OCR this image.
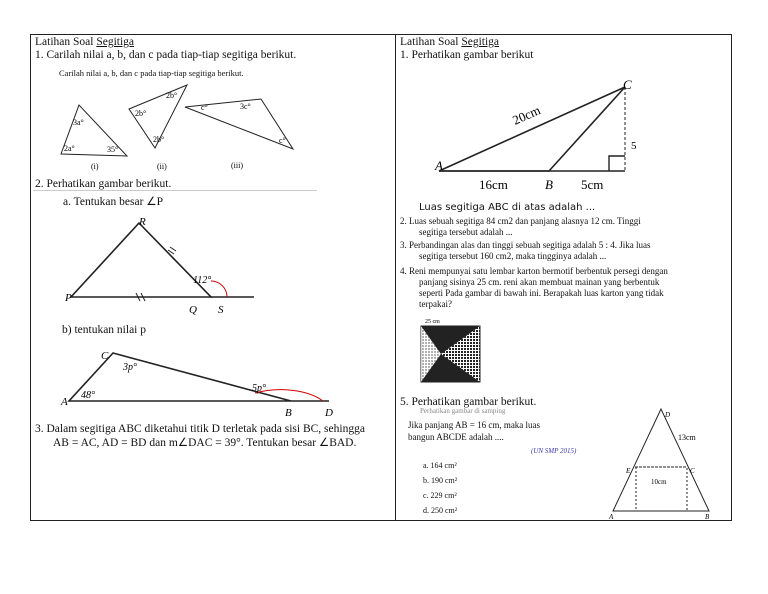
Latihan Soal Segitiga
1. Carilah nilai a, b, dan c pada tiap-tiap segitiga berikut.
Carilah nilai a, b, dan c pada tiap-tiap segitiga berikut.
3a°
2a°	35°
2b°
2b°
2b°
c°	3c°
c°
(i)	(ii)	(iii)
2. Perhatikan gambar berikut.
a. Tentukan besar ∠P
R
P
Q S
112°
b) tentukan nilai p
C
A
B	D
3p°
48°
5p°
3. Dalam segitiga ABC diketahui titik D terletak pada sisi BC, sehingga
AB = AC, AD = BD dan m∠DAC = 39°. Tentukan besar ∠BAD.
Latihan Soal Segitiga
1. Perhatikan gambar berikut
C
A
B
20cm
16cm	5cm
5
Luas segitiga ABC di atas adalah ...
2. Luas sebuah segitiga 84 cm2 dan panjang alasnya 12 cm. Tinggi
segitiga tersebut adalah ...
3. Perbandingan alas dan tinggi sebuah segitiga adalah 5 : 4. Jika luas
segitiga tersebut 160 cm2, maka tingginya adalah ...
4. Reni mempunyai satu lembar karton bermotif berbentuk persegi dengan
panjang sisinya 25 cm. reni akan membuat mainan yang berbentuk
seperti Pada gambar di bawah ini. Berapakah luas karton yang tidak
terpakai?
25 cm
5. Perhatikan gambar berikut.
Perhatikan gambar di samping
Jika panjang AB = 16 cm, maka luas
bangun ABCDE adalah ....
(UN SMP 2015)
a. 164 cm²
b. 190 cm²
c. 229 cm²
d. 250 cm²
D
E	C
A	B
13cm
10cm
